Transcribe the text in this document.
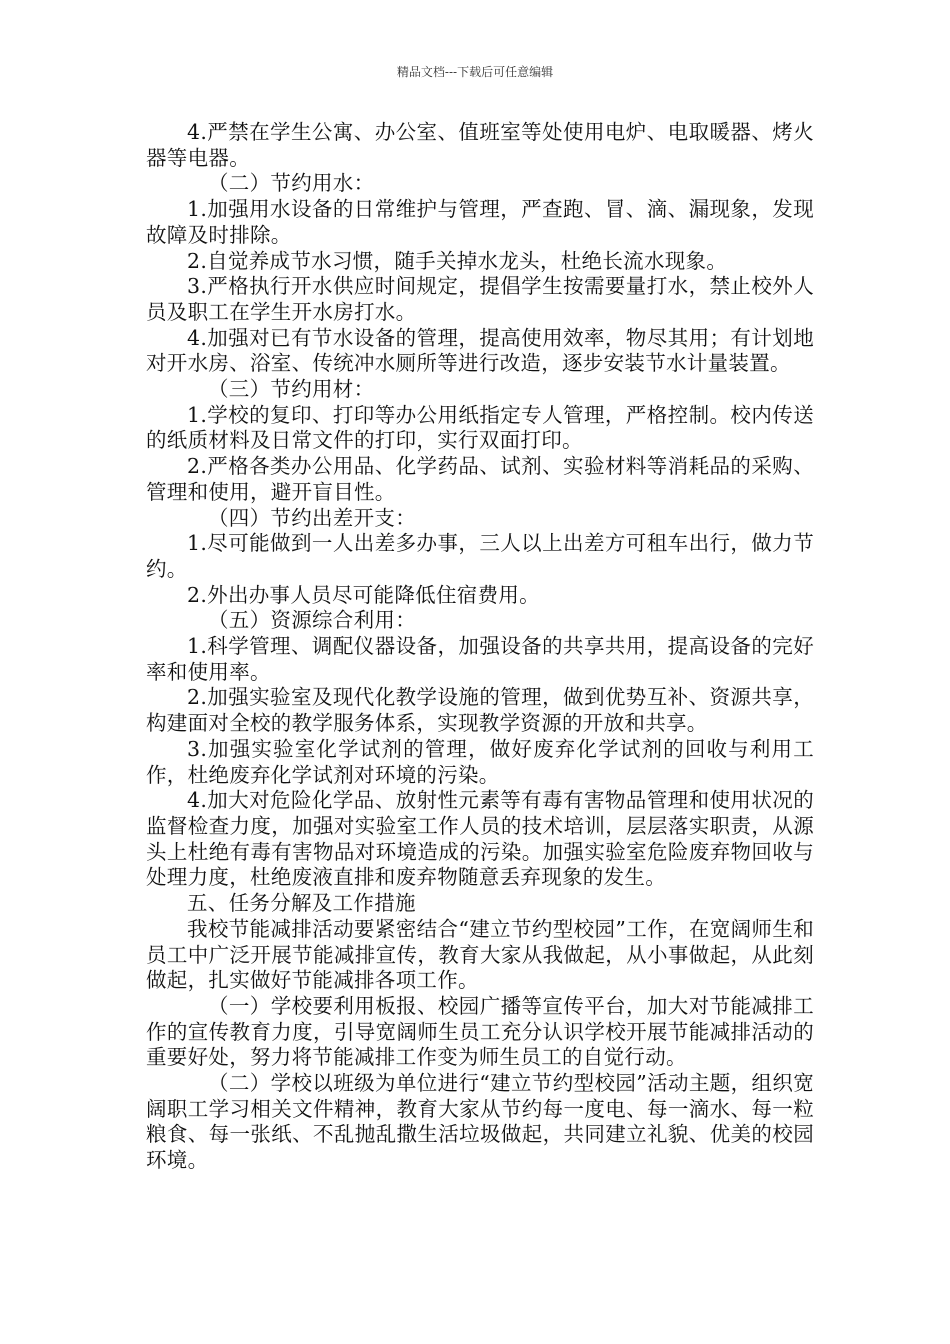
精品文档---下载后可任意编辑

4.严禁在学生公寓、办公室、值班室等处使用电炉、电取暖器、烤火器等电器。

（二）节约用水：

1.加强用水设备的日常维护与管理，严查跑、冒、滴、漏现象，发现故障及时排除。

2.自觉养成节水习惯，随手关掉水龙头，杜绝长流水现象。

3.严格执行开水供应时间规定，提倡学生按需要量打水，禁止校外人员及职工在学生开水房打水。

4.加强对已有节水设备的管理，提高使用效率，物尽其用；有计划地对开水房、浴室、传统冲水厕所等进行改造，逐步安装节水计量装置。

（三）节约用材：

1.学校的复印、打印等办公用纸指定专人管理，严格控制。校内传送的纸质材料及日常文件的打印，实行双面打印。

2.严格各类办公用品、化学药品、试剂、实验材料等消耗品的采购、管理和使用，避开盲目性。

（四）节约出差开支：

1.尽可能做到一人出差多办事，三人以上出差方可租车出行，做力节约。

2.外出办事人员尽可能降低住宿费用。

（五）资源综合利用：

1.科学管理、调配仪器设备，加强设备的共享共用，提高设备的完好率和使用率。

2.加强实验室及现代化教学设施的管理，做到优势互补、资源共享，构建面对全校的教学服务体系，实现教学资源的开放和共享。

3.加强实验室化学试剂的管理，做好废弃化学试剂的回收与利用工作，杜绝废弃化学试剂对环境的污染。

4.加大对危险化学品、放射性元素等有毒有害物品管理和使用状况的监督检查力度，加强对实验室工作人员的技术培训，层层落实职责，从源头上杜绝有毒有害物品对环境造成的污染。加强实验室危险废弃物回收与处理力度，杜绝废液直排和废弃物随意丢弃现象的发生。

五、任务分解及工作措施

我校节能减排活动要紧密结合“建立节约型校园”工作，在宽阔师生和员工中广泛开展节能减排宣传，教育大家从我做起，从小事做起，从此刻做起，扎实做好节能减排各项工作。

（一）学校要利用板报、校园广播等宣传平台，加大对节能减排工作的宣传教育力度，引导宽阔师生员工充分认识学校开展节能减排活动的重要好处，努力将节能减排工作变为师生员工的自觉行动。

（二）学校以班级为单位进行“建立节约型校园”活动主题，组织宽阔职工学习相关文件精神，教育大家从节约每一度电、每一滴水、每一粒粮食、每一张纸、不乱抛乱撒生活垃圾做起，共同建立礼貌、优美的校园环境。
